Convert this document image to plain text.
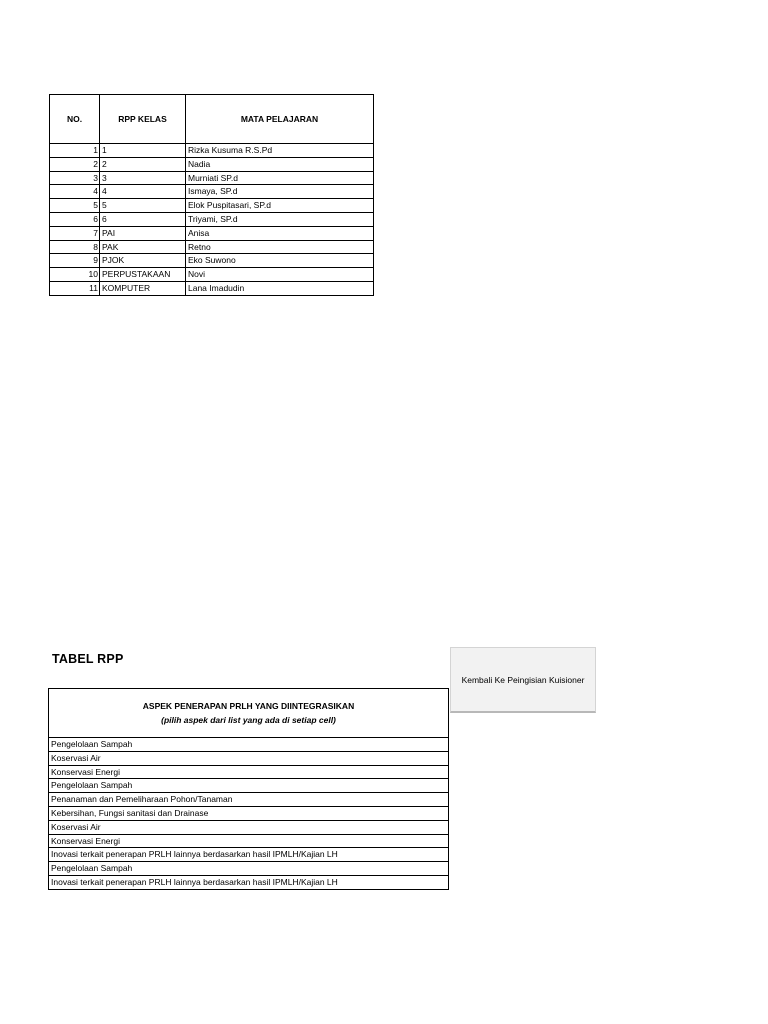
NO.	RPP KELAS	MATA PELAJARAN
1	1	Rizka Kusuma R.S.Pd
2	2	Nadia
3	3	Murniati SP.d
4	4	Ismaya, SP.d
5	5	Elok Puspitasari, SP.d
6	6	Triyami, SP.d
7	PAI	Anisa
8	PAK	Retno
9	PJOK	Eko Suwono
10	PERPUSTAKAAN	Novi
11	KOMPUTER	Lana Imadudin
TABEL RPP
ASPEK PENERAPAN PRLH YANG DIINTEGRASIKAN
(pilih aspek dari list yang ada di setiap cell)

Pengelolaan Sampah
Koservasi Air
Konservasi Energi
Pengelolaan Sampah
Penanaman dan Pemeliharaan Pohon/Tanaman
Kebersihan, Fungsi sanitasi dan Drainase
Koservasi Air
Konservasi Energi
Inovasi terkait penerapan PRLH lainnya berdasarkan hasil IPMLH/Kajian LH
Pengelolaan Sampah
Inovasi terkait penerapan PRLH lainnya berdasarkan hasil IPMLH/Kajian LH
Kembali Ke Peingisian Kuisioner
